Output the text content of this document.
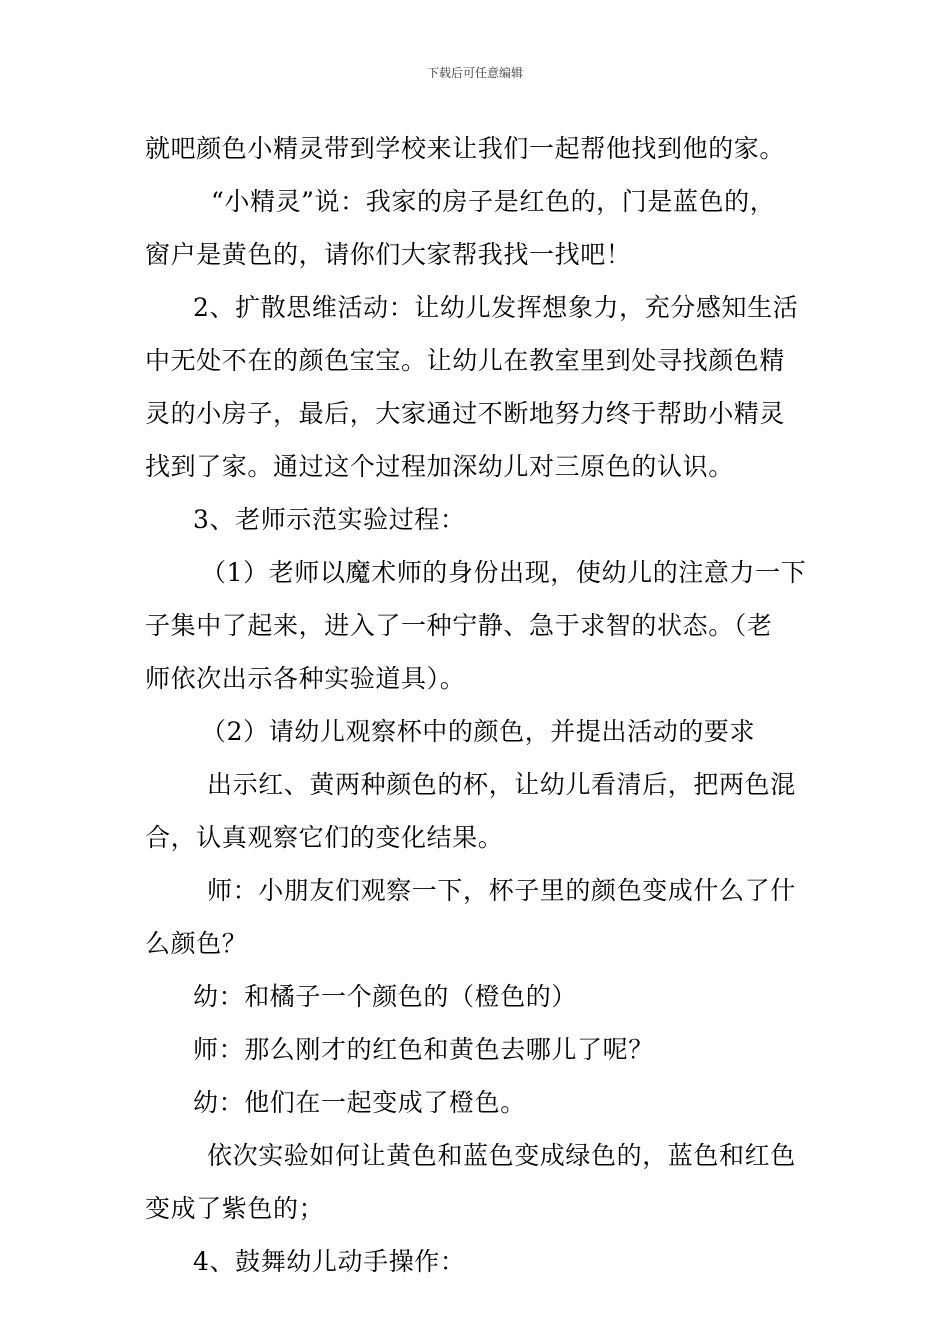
下载后可任意编辑
就吧颜色小精灵带到学校来让我们一起帮他找到他的家。
“小精灵”说：我家的房子是红色的，门是蓝色的，
窗户是黄色的，请你们大家帮我找一找吧！
2、扩散思维活动：让幼儿发挥想象力，充分感知生活
中无处不在的颜色宝宝。让幼儿在教室里到处寻找颜色精
灵的小房子，最后，大家通过不断地努力终于帮助小精灵
找到了家。通过这个过程加深幼儿对三原色的认识。
3、老师示范实验过程：
（1）老师以魔术师的身份出现，使幼儿的注意力一下
子集中了起来，进入了一种宁静、急于求智的状态。（老
师依次出示各种实验道具）。
（2）请幼儿观察杯中的颜色，并提出活动的要求
出示红、黄两种颜色的杯，让幼儿看清后，把两色混
合，认真观察它们的变化结果。
师：小朋友们观察一下，杯子里的颜色变成什么了什
么颜色？
幼：和橘子一个颜色的（橙色的）
师：那么刚才的红色和黄色去哪儿了呢？
幼：他们在一起变成了橙色。
依次实验如何让黄色和蓝色变成绿色的，蓝色和红色
变成了紫色的；
4、鼓舞幼儿动手操作：
